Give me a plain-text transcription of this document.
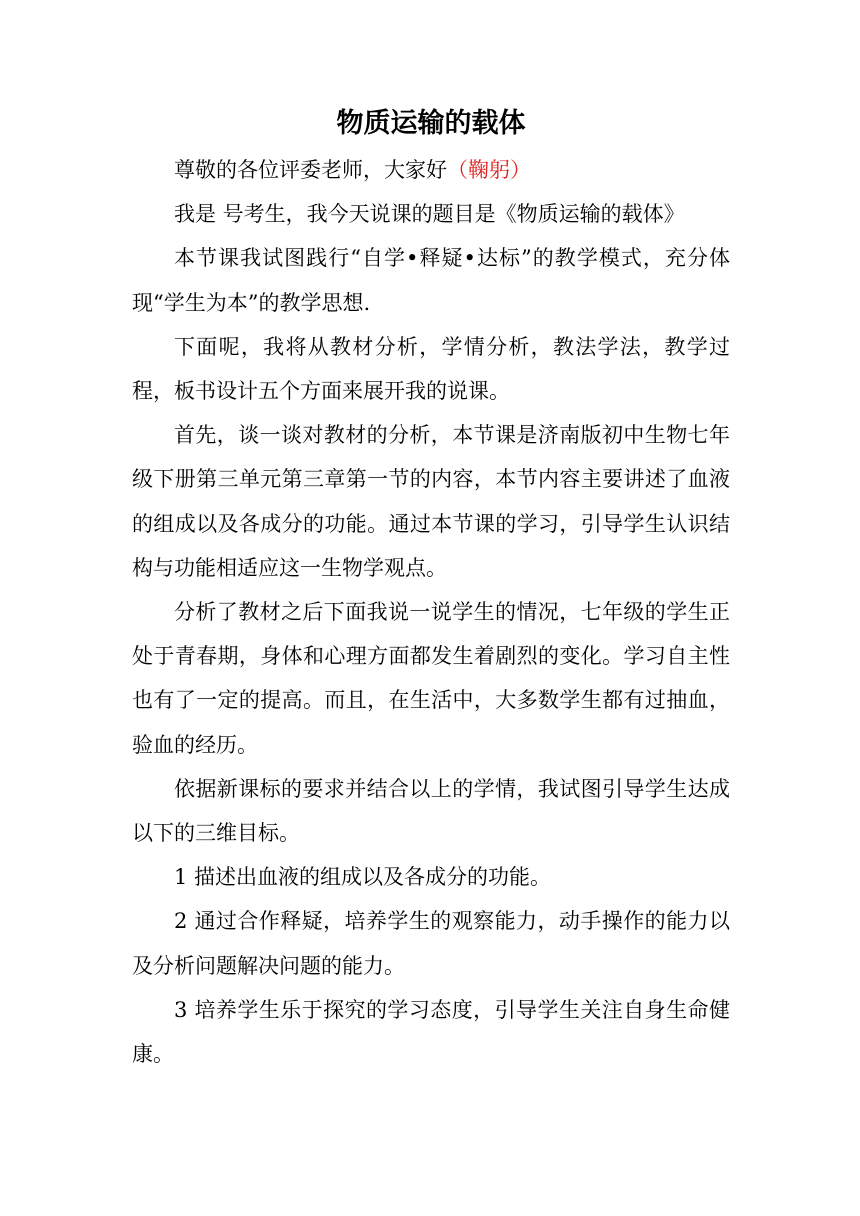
物质运输的载体

尊敬的各位评委老师，大家好（鞠躬）

我是 号考生，我今天说课的题目是《物质运输的载体》

本节课我试图践行“自学•释疑•达标”的教学模式，充分体现“学生为本”的教学思想.

下面呢，我将从教材分析，学情分析，教法学法，教学过程，板书设计五个方面来展开我的说课。

首先，谈一谈对教材的分析，本节课是济南版初中生物七年级下册第三单元第三章第一节的内容，本节内容主要讲述了血液的组成以及各成分的功能。通过本节课的学习，引导学生认识结构与功能相适应这一生物学观点。

分析了教材之后下面我说一说学生的情况，七年级的学生正处于青春期，身体和心理方面都发生着剧烈的变化。学习自主性也有了一定的提高。而且，在生活中，大多数学生都有过抽血，验血的经历。

依据新课标的要求并结合以上的学情，我试图引导学生达成以下的三维目标。

1 描述出血液的组成以及各成分的功能。

2 通过合作释疑，培养学生的观察能力，动手操作的能力以及分析问题解决问题的能力。

3 培养学生乐于探究的学习态度，引导学生关注自身生命健康。
